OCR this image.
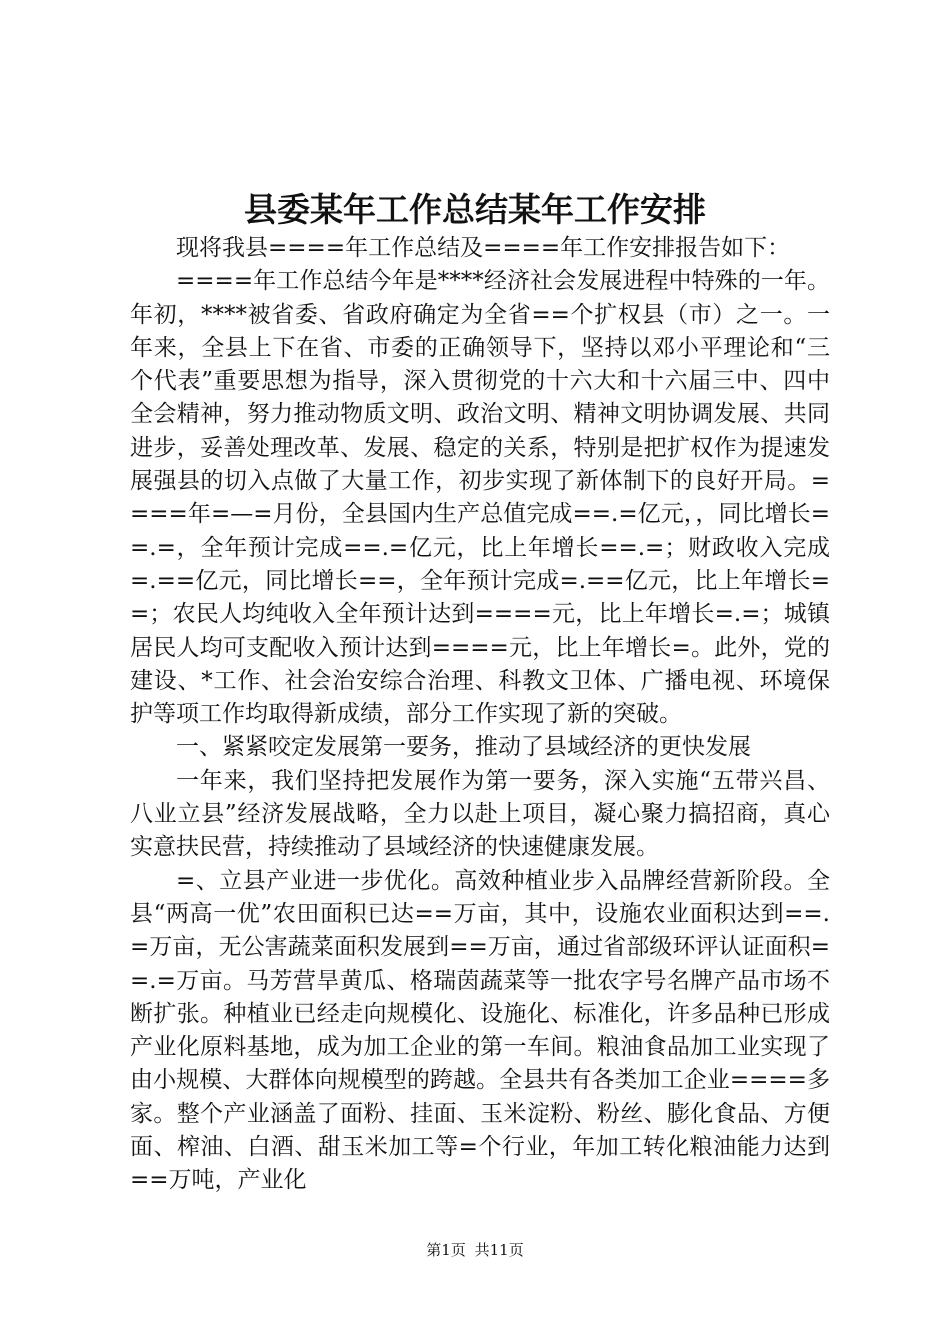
县委某年工作总结某年工作安排

现将我县====年工作总结及====年工作安排报告如下：

====年工作总结今年是****经济社会发展进程中特殊的一年。年初，****被省委、省政府确定为全省==个扩权县（市）之一。一年来，全县上下在省、市委的正确领导下，坚持以邓小平理论和“三个代表”重要思想为指导，深入贯彻党的十六大和十六届三中、四中全会精神，努力推动物质文明、政治文明、精神文明协调发展、共同进步，妥善处理改革、发展、稳定的关系，特别是把扩权作为提速发展强县的切入点做了大量工作，初步实现了新体制下的良好开局。====年=—=月份，全县国内生产总值完成==.=亿元，，同比增长==.=，全年预计完成==.=亿元，比上年增长==.=；财政收入完成=.==亿元，同比增长==，全年预计完成=.==亿元，比上年增长==；农民人均纯收入全年预计达到====元，比上年增长=.=；城镇居民人均可支配收入预计达到====元，比上年增长=。此外，党的建设、*工作、社会治安综合治理、科教文卫体、广播电视、环境保护等项工作均取得新成绩，部分工作实现了新的突破。

一、紧紧咬定发展第一要务，推动了县域经济的更快发展

一年来，我们坚持把发展作为第一要务，深入实施“五带兴昌、八业立县”经济发展战略，全力以赴上项目，凝心聚力搞招商，真心实意扶民营，持续推动了县域经济的快速健康发展。

=、立县产业进一步优化。高效种植业步入品牌经营新阶段。全县“两高一优”农田面积已达==万亩，其中，设施农业面积达到==.=万亩，无公害蔬菜面积发展到==万亩，通过省部级环评认证面积==.=万亩。马芳营旱黄瓜、格瑞茵蔬菜等一批农字号名牌产品市场不断扩张。种植业已经走向规模化、设施化、标准化，许多品种已形成产业化原料基地，成为加工企业的第一车间。粮油食品加工业实现了由小规模、大群体向规模型的跨越。全县共有各类加工企业====多家。整个产业涵盖了面粉、挂面、玉米淀粉、粉丝、膨化食品、方便面、榨油、白酒、甜玉米加工等=个行业，年加工转化粮油能力达到==万吨，产业化

第1页 共11页
